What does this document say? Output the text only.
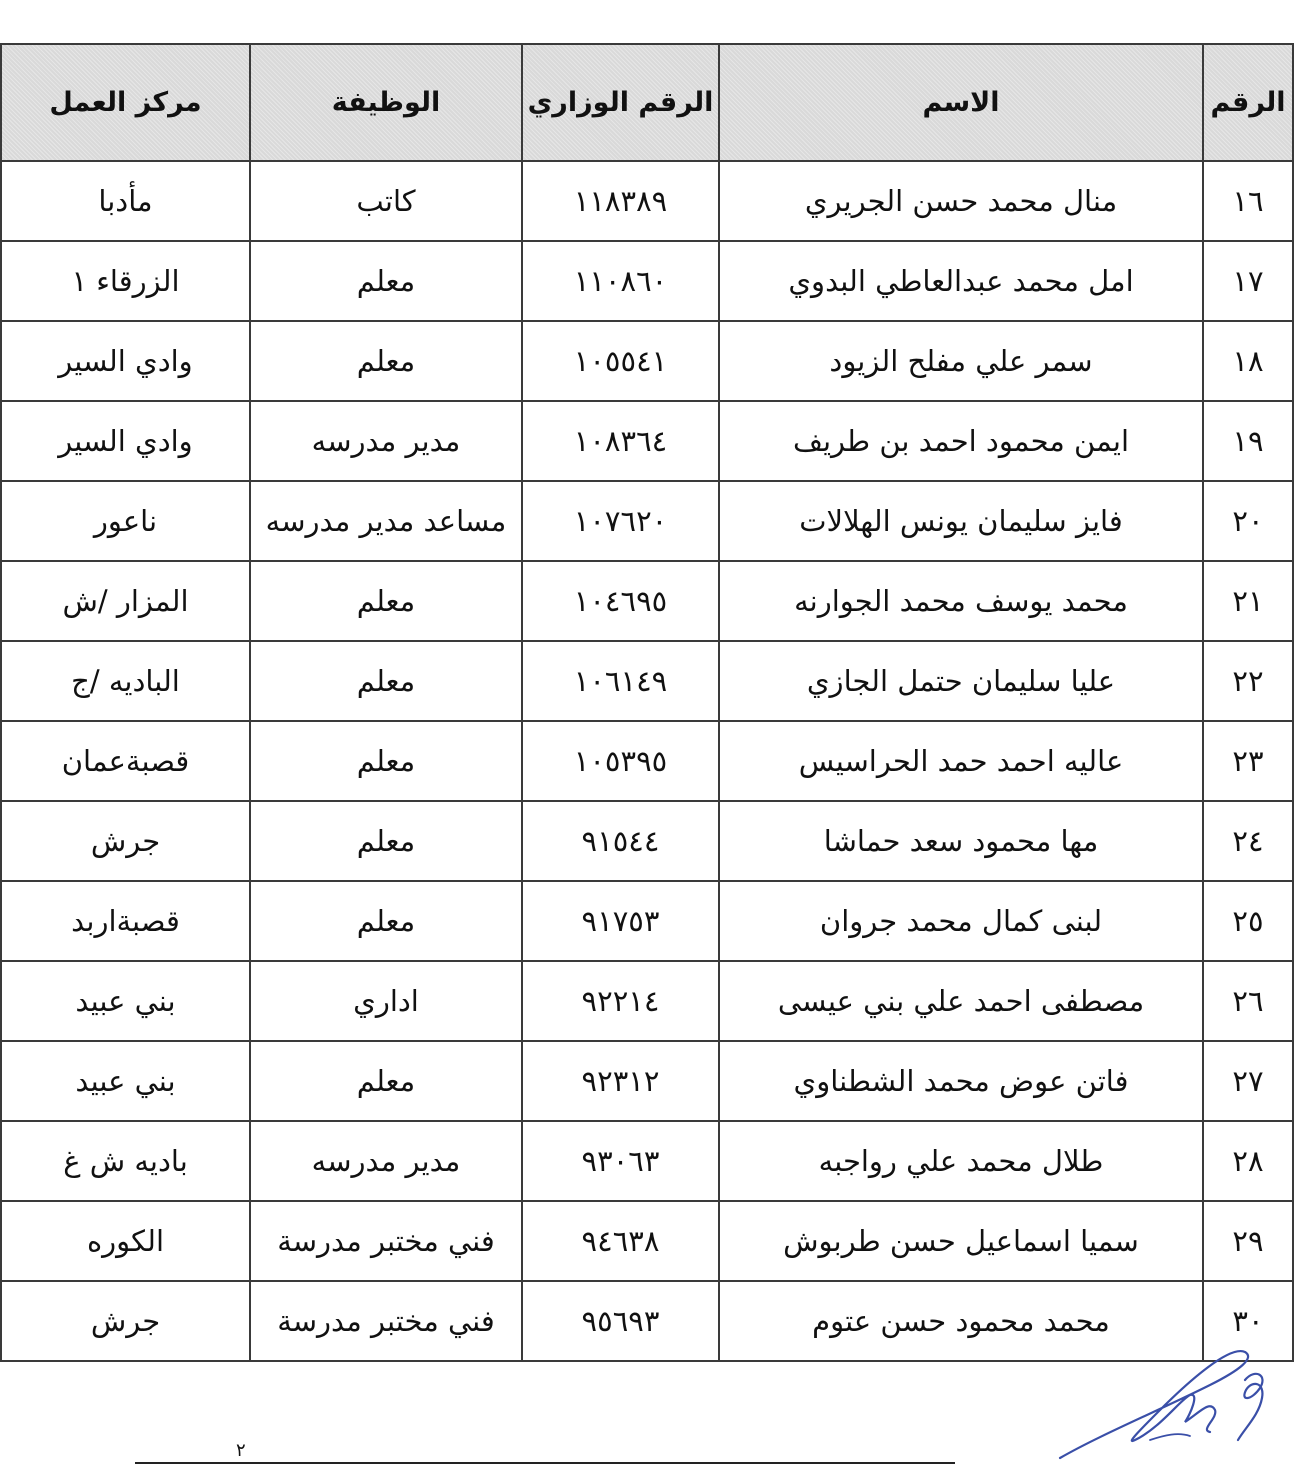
الرقم	الاسم	الرقم الوزاري	الوظيفة	مركز العمل
١٦	منال محمد حسن الجريري	١١٨٣٨٩	كاتب	مأدبا
١٧	امل محمد عبدالعاطي البدوي	١١٠٨٦٠	معلم	الزرقاء ١
١٨	سمر علي مفلح الزيود	١٠٥٥٤١	معلم	وادي السير
١٩	ايمن محمود احمد بن طريف	١٠٨٣٦٤	مدير مدرسه	وادي السير
٢٠	فايز سليمان يونس الهلالات	١٠٧٦٢٠	مساعد مدير مدرسه	ناعور
٢١	محمد يوسف محمد الجوارنه	١٠٤٦٩٥	معلم	المزار /ش
٢٢	عليا سليمان حتمل الجازي	١٠٦١٤٩	معلم	الباديه /ج
٢٣	عاليه احمد حمد الحراسيس	١٠٥٣٩٥	معلم	قصبةعمان
٢٤	مها محمود سعد حماشا	٩١٥٤٤	معلم	جرش
٢٥	لبنى كمال محمد جروان	٩١٧٥٣	معلم	قصبةاربد
٢٦	مصطفى احمد علي بني عيسى	٩٢٢١٤	اداري	بني عبيد
٢٧	فاتن عوض محمد الشطناوي	٩٢٣١٢	معلم	بني عبيد
٢٨	طلال محمد علي رواجبه	٩٣٠٦٣	مدير مدرسه	باديه ش غ
٢٩	سميا اسماعيل حسن طربوش	٩٤٦٣٨	فني مختبر مدرسة	الكوره
٣٠	محمد محمود حسن عتوم	٩٥٦٩٣	فني مختبر مدرسة	جرش
٢
